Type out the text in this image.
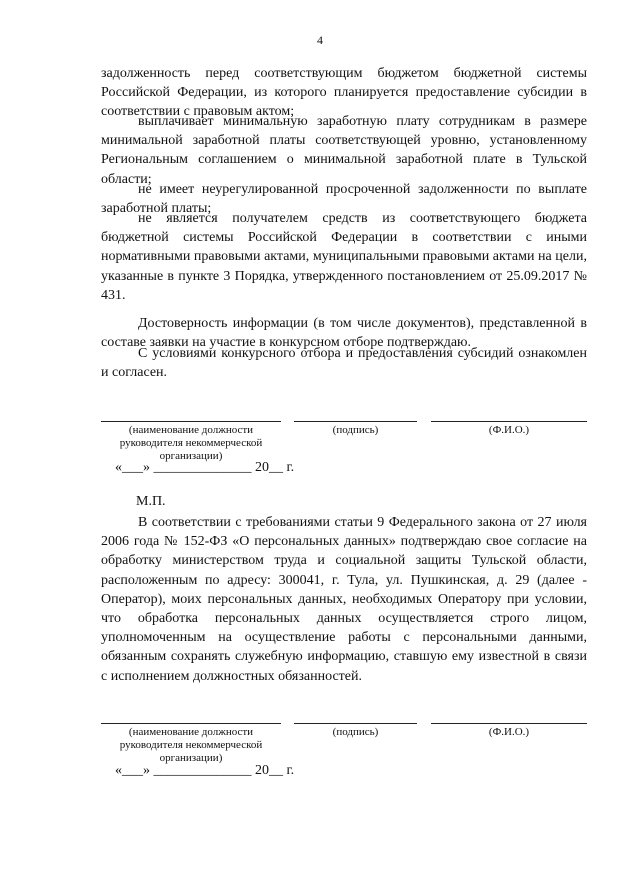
4

задолженность перед соответствующим бюджетом бюджетной системы Российской Федерации, из которого планируется предоставление субсидии в соответствии с правовым актом;

выплачивает минимальную заработную плату сотрудникам в размере минимальной заработной платы соответствующей уровню, установленному Региональным соглашением о минимальной заработной плате в Тульской области;

не имеет неурегулированной просроченной задолженности по выплате заработной платы;

не является получателем средств из соответствующего бюджета бюджетной системы Российской Федерации в соответствии с иными нормативными правовыми актами, муниципальными правовыми актами на цели, указанные в пункте 3 Порядка, утвержденного постановлением от 25.09.2017 № 431.

Достоверность информации (в том числе документов), представленной в составе заявки на участие в конкурсном отборе подтверждаю.

С условиями конкурсного отбора и предоставления субсидий ознакомлен и согласен.

(наименование должности руководителя некоммерческой организации)
(подпись)	(Ф.И.О.)
«___» ______________ 20__ г.
М.П.

В соответствии с требованиями статьи 9 Федерального закона от 27 июля 2006 года № 152-ФЗ «О персональных данных» подтверждаю свое согласие на обработку министерством труда и социальной защиты Тульской области, расположенным по адресу: 300041, г. Тула, ул. Пушкинская, д. 29 (далее - Оператор), моих персональных данных, необходимых Оператору при условии, что обработка персональных данных осуществляется строго лицом, уполномоченным на осуществление работы с персональными данными, обязанным сохранять служебную информацию, ставшую ему известной в связи с исполнением должностных обязанностей.

(наименование должности руководителя некоммерческой организации)
(подпись)	(Ф.И.О.)
«___» ______________ 20__ г.
